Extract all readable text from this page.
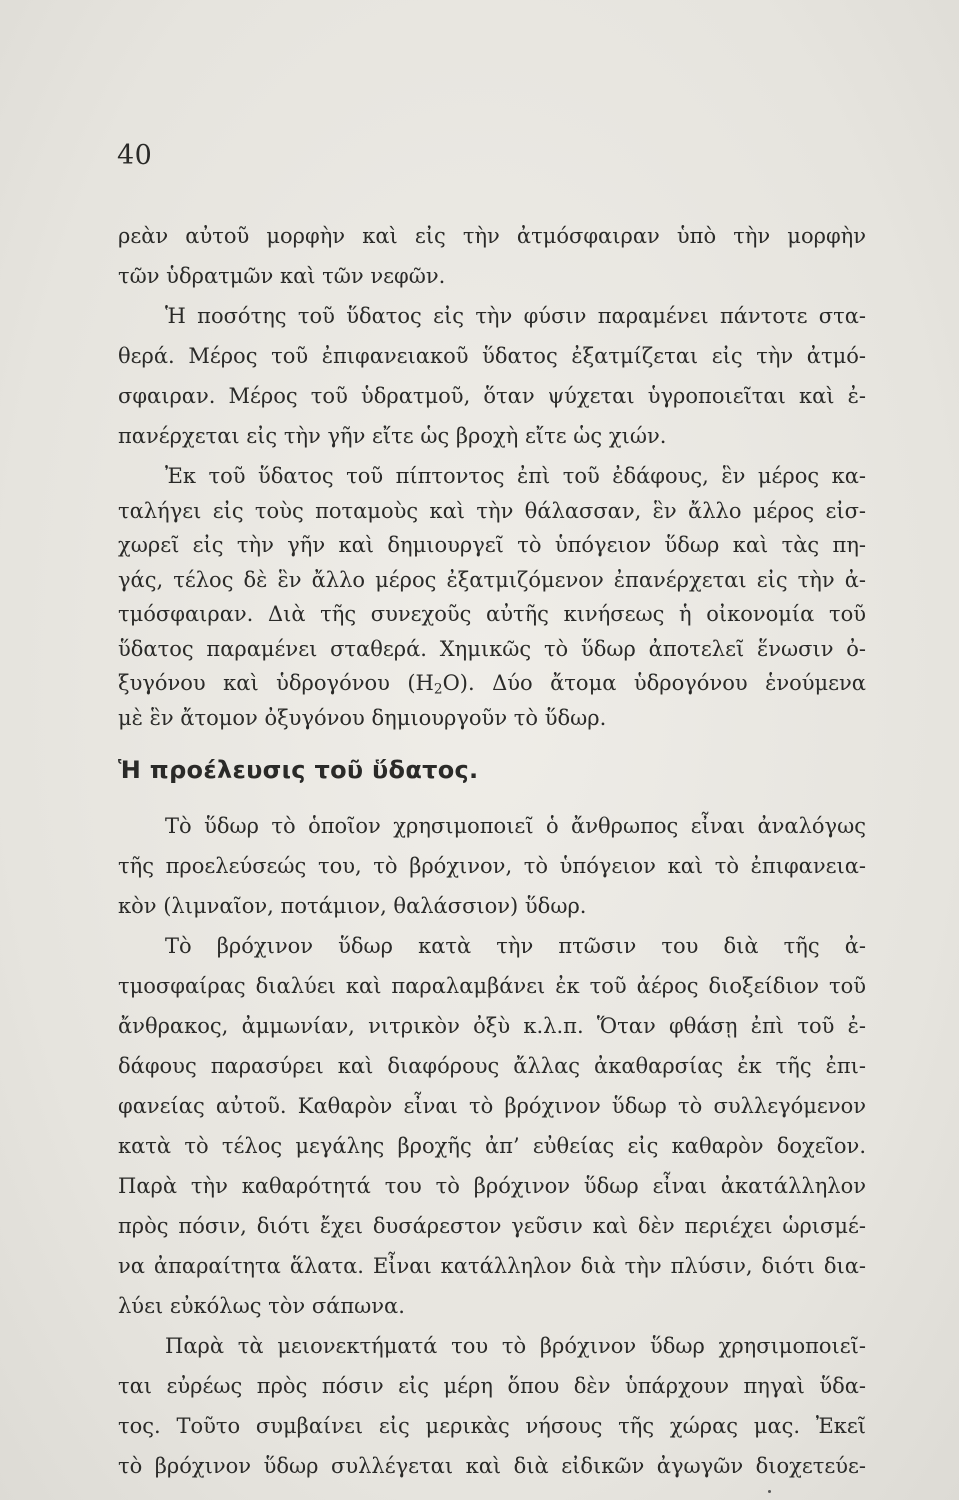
40
ρεὰν αὐτοῦ μορφὴν καὶ εἰς τὴν ἀτμόσφαιραν ὑπὸ τὴν μορφὴν
τῶν ὑδρατμῶν καὶ τῶν νεφῶν.
Ἡ ποσότης τοῦ ὕδατος εἰς τὴν φύσιν παραμένει πάντοτε στα-
θερά. Μέρος τοῦ ἐπιφανειακοῦ ὕδατος ἐξατμίζεται εἰς τὴν ἀτμό-
σφαιραν. Μέρος τοῦ ὑδρατμοῦ, ὅταν ψύχεται ὑγροποιεῖται καὶ ἐ-
πανέρχεται εἰς τὴν γῆν εἴτε ὡς βροχὴ εἴτε ὡς χιών.
Ἐκ τοῦ ὕδατος τοῦ πίπτοντος ἐπὶ τοῦ ἐδάφους, ἓν μέρος κα-
ταλήγει εἰς τοὺς ποταμοὺς καὶ τὴν θάλασσαν, ἓν ἄλλο μέρος εἰσ-
χωρεῖ εἰς τὴν γῆν καὶ δημιουργεῖ τὸ ὑπόγειον ὕδωρ καὶ τὰς πη-
γάς, τέλος δὲ ἓν ἄλλο μέρος ἐξατμιζόμενον ἐπανέρχεται εἰς τὴν ἀ-
τμόσφαιραν. Διὰ τῆς συνεχοῦς αὐτῆς κινήσεως ἡ οἰκονομία τοῦ
ὕδατος παραμένει σταθερά. Χημικῶς τὸ ὕδωρ ἀποτελεῖ ἕνωσιν ὀ-
Ἡ προέλευσις τοῦ ὕδατος.
Τὸ ὕδωρ τὸ ὁποῖον χρησιμοποιεῖ ὁ ἄνθρωπος εἶναι ἀναλόγως
τῆς προελεύσεώς του, τὸ βρόχινον, τὸ ὑπόγειον καὶ τὸ ἐπιφανεια-
κὸν (λιμναῖον, ποτάμιον, θαλάσσιον) ὕδωρ.
Τὸ βρόχινον ὕδωρ κατὰ τὴν πτῶσιν του διὰ τῆς ἀ-
τμοσφαίρας διαλύει καὶ παραλαμβάνει ἐκ τοῦ ἀέρος διοξείδιον τοῦ
ἄνθρακος, ἀμμωνίαν, νιτρικὸν ὀξὺ κ.λ.π. Ὅταν φθάσῃ ἐπὶ τοῦ ἐ-
δάφους παρασύρει καὶ διαφόρους ἄλλας ἀκαθαρσίας ἐκ τῆς ἐπι-
φανείας αὐτοῦ. Καθαρὸν εἶναι τὸ βρόχινον ὕδωρ τὸ συλλεγόμενον
κατὰ τὸ τέλος μεγάλης βροχῆς ἀπ’ εὐθείας εἰς καθαρὸν δοχεῖον.
Παρὰ τὴν καθαρότητά του τὸ βρόχινον ὕδωρ εἶναι ἀκατάλληλον
πρὸς πόσιν, διότι ἔχει δυσάρεστον γεῦσιν καὶ δὲν περιέχει ὡρισμέ-
να ἀπαραίτητα ἅλατα. Εἶναι κατάλληλον διὰ τὴν πλύσιν, διότι δια-
λύει εὐκόλως τὸν σάπωνα.
Παρὰ τὰ μειονεκτήματά του τὸ βρόχινον ὕδωρ χρησιμοποιεῖ-
ται εὐρέως πρὸς πόσιν εἰς μέρη ὅπου δὲν ὑπάρχουν πηγαὶ ὕδα-
τος. Τοῦτο συμβαίνει εἰς μερικὰς νήσους τῆς χώρας μας. Ἐκεῖ
τὸ βρόχινον ὕδωρ συλλέγεται καὶ διὰ εἰδικῶν ἀγωγῶν διοχετεύε-
ξυγόνου καὶ ὑδρογόνου $(H_2O)$. Δύο ἄτομα ὑδρογόνου ἑνούμενα
μὲ ἓν ἄτομον ὀξυγόνου δημιουργοῦν τὸ ὕδωρ.
